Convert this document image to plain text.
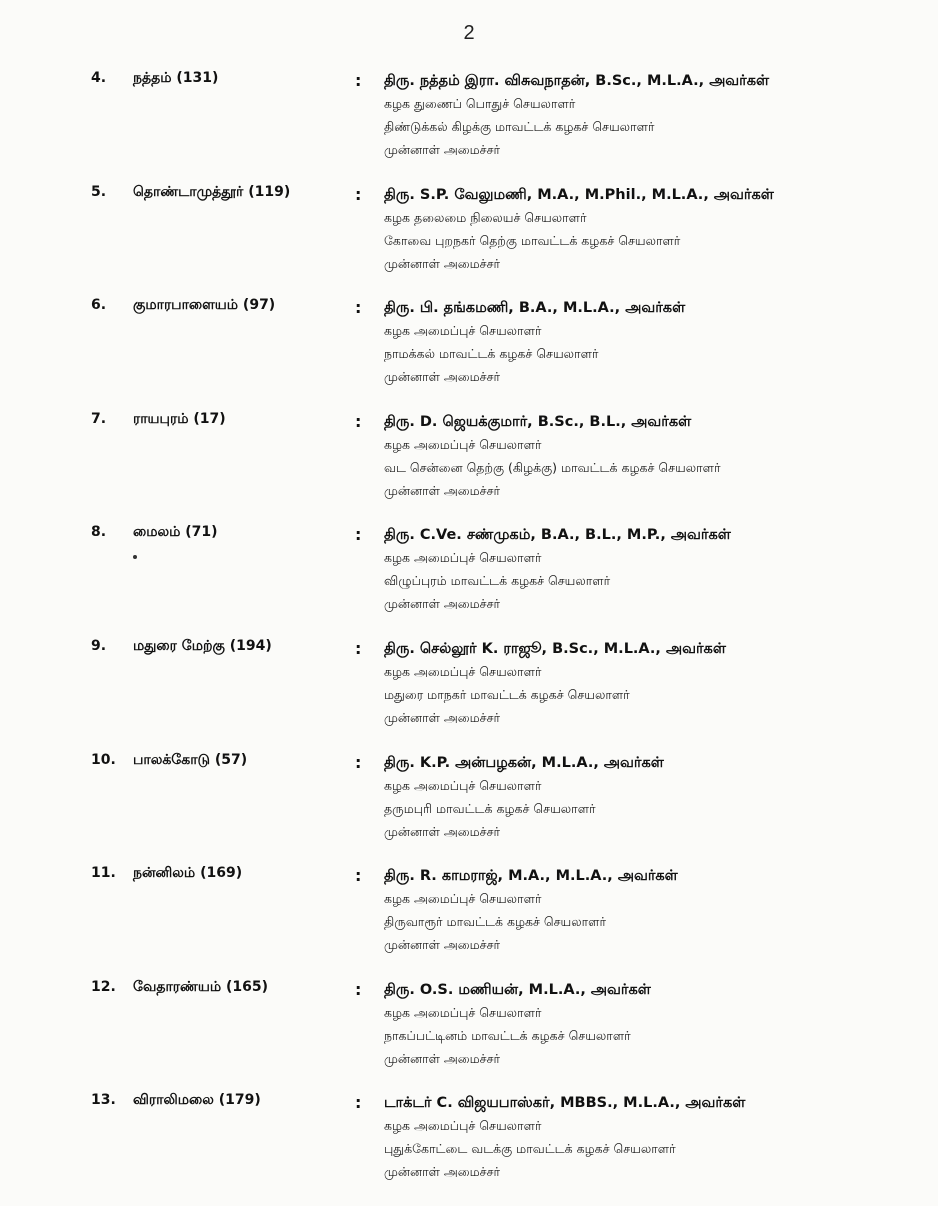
2
4. நத்தம் (131)	: திரு. நத்தம் இரா. விசுவநாதன், B.Sc., M.L.A., அவர்கள்
கழக துணைப் பொதுச் செயலாளர்
திண்டுக்கல் கிழக்கு மாவட்டக் கழகச் செயலாளர்
முன்னாள் அமைச்சர்
5. தொண்டாமுத்தூர் (119)	: திரு. S.P. வேலுமணி, M.A., M.Phil., M.L.A., அவர்கள்
கழக தலைமை நிலையச் செயலாளர்
கோவை புறநகர் தெற்கு மாவட்டக் கழகச் செயலாளர்
முன்னாள் அமைச்சர்
6. குமாரபாளையம் (97)	: திரு. பி. தங்கமணி, B.A., M.L.A., அவர்கள்
கழக அமைப்புச் செயலாளர்
நாமக்கல் மாவட்டக் கழகச் செயலாளர்
முன்னாள் அமைச்சர்
7. ராயபுரம் (17)	: திரு. D. ஜெயக்குமார், B.Sc., B.L., அவர்கள்
கழக அமைப்புச் செயலாளர்
வட சென்னை தெற்கு (கிழக்கு) மாவட்டக் கழகச் செயலாளர்
முன்னாள் அமைச்சர்
8. மைலம் (71)	: திரு. C.Ve. சண்முகம், B.A., B.L., M.P., அவர்கள்
கழக அமைப்புச் செயலாளர்
விழுப்புரம் மாவட்டக் கழகச் செயலாளர்
முன்னாள் அமைச்சர்
9. மதுரை மேற்கு (194)	: திரு. செல்லூர் K. ராஜூ, B.Sc., M.L.A., அவர்கள்
கழக அமைப்புச் செயலாளர்
மதுரை மாநகர் மாவட்டக் கழகச் செயலாளர்
முன்னாள் அமைச்சர்
10. பாலக்கோடு (57)	: திரு. K.P. அன்பழகன், M.L.A., அவர்கள்
கழக அமைப்புச் செயலாளர்
தருமபுரி மாவட்டக் கழகச் செயலாளர்
முன்னாள் அமைச்சர்
11. நன்னிலம் (169)	: திரு. R. காமராஜ், M.A., M.L.A., அவர்கள்
கழக அமைப்புச் செயலாளர்
திருவாரூர் மாவட்டக் கழகச் செயலாளர்
முன்னாள் அமைச்சர்
12. வேதாரண்யம் (165)	: திரு. O.S. மணியன், M.L.A., அவர்கள்
கழக அமைப்புச் செயலாளர்
நாகப்பட்டினம் மாவட்டக் கழகச் செயலாளர்
முன்னாள் அமைச்சர்
13. விராலிமலை (179)	: டாக்டர் C. விஜயபாஸ்கர், MBBS., M.L.A., அவர்கள்
கழக அமைப்புச் செயலாளர்
புதுக்கோட்டை வடக்கு மாவட்டக் கழகச் செயலாளர்
முன்னாள் அமைச்சர்
